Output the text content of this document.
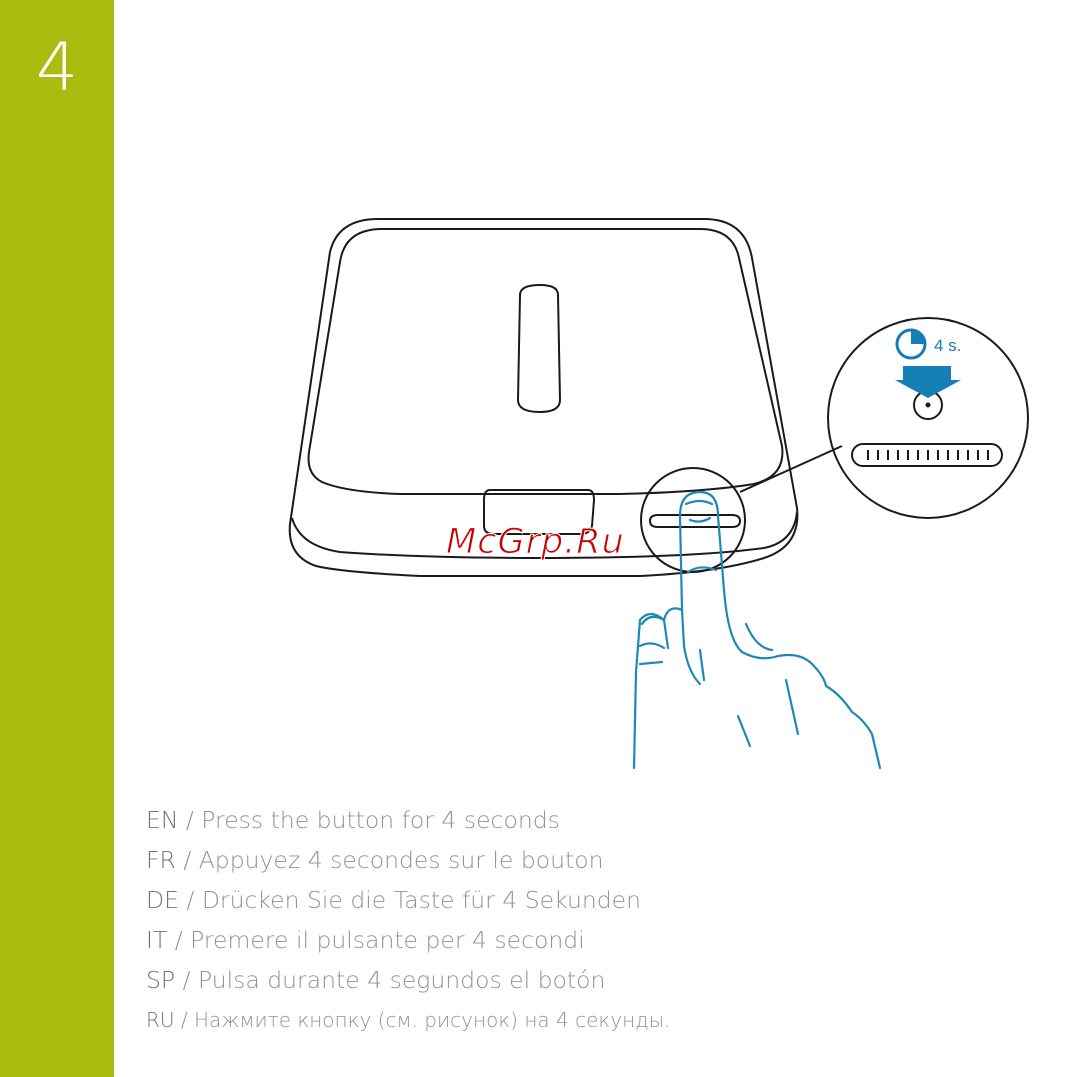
4
4 s.
McGrp.Ru
EN / Press the button for 4 seconds
FR / Appuyez 4 secondes sur le bouton
DE / Drücken Sie die Taste für 4 Sekunden
IT / Premere il pulsante per 4 secondi
SP / Pulsa durante 4 segundos el botón
RU / Нажмите кнопку (см. рисунок) на 4 секунды.
